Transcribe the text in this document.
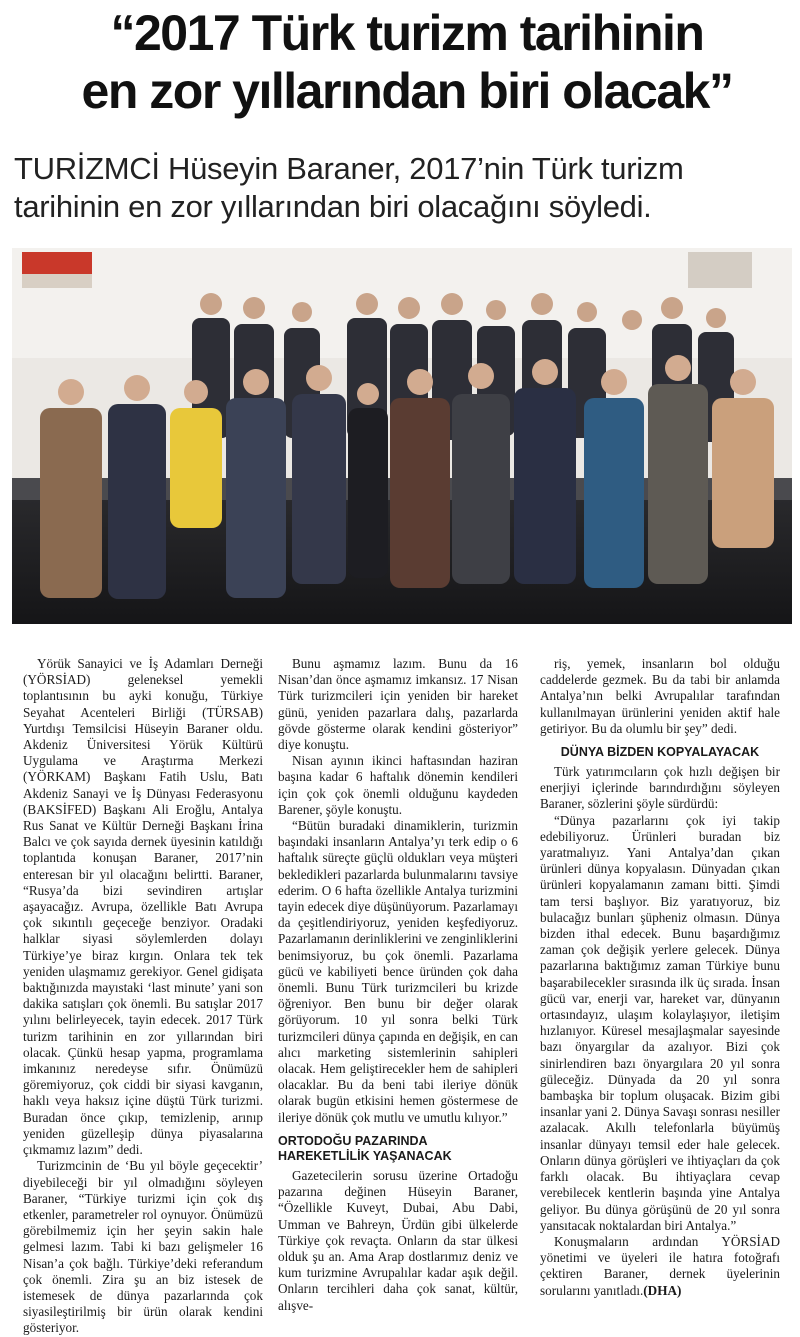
“2017 Türk turizm tarihinin
en zor yıllarından biri olacak”
TURİZMCİ Hüseyin Baraner, 2017’nin Türk turizm tarihinin en zor yıllarından biri olacağını söyledi.

Yörük Sanayici ve İş Adamları Derneği (YÖRSİAD) geleneksel yemekli toplantısının bu ayki konuğu, Türkiye Seyahat Acenteleri Birliği (TÜRSAB) Yurtdışı Temsilcisi Hüseyin Baraner oldu. Akdeniz Üniversitesi Yörük Kültürü Uygulama ve Araştırma Merkezi (YÖRKAM) Başkanı Fatih Uslu, Batı Akdeniz Sanayi ve İş Dünyası Federasyonu (BAKSİFED) Başkanı Ali Eroğlu, Antalya Rus Sanat ve Kültür Derneği Başkanı İrina Balcı ve çok sayıda dernek üyesinin katıldığı toplantıda konuşan Baraner, 2017’nin enteresan bir yıl olacağını belirtti. Baraner, “Rusya’da bizi sevindiren artışlar aşayacağız. Avrupa, özellikle Batı Avrupa çok sıkıntılı geçeceğe benziyor. Oradaki halklar siyasi söylemlerden dolayı Türkiye’ye biraz kırgın. Onlara tek tek yeniden ulaşmamız gerekiyor. Genel gidişata baktığınızda mayıstaki ‘last minute’ yani son dakika satışları çok önemli. Bu satışlar 2017 yılını belirleyecek, tayin edecek. 2017 Türk turizm tarihinin en zor yıllarından biri olacak. Çünkü hesap yapma, programlama imkanınız neredeyse sıfır. Önümüzü göremiyoruz, çok ciddi bir siyasi kavganın, haklı veya haksız içine düştü Türk turizmi. Buradan önce çıkıp, temizlenip, arınıp yeniden güzelleşip dünya piyasalarına çıkmamız lazım” dedi.

Turizmcinin de ‘Bu yıl böyle geçecektir’ diyebileceği bir yıl olmadığını söyleyen Baraner, “Türkiye turizmi için çok dış etkenler, parametreler rol oynuyor. Önümüzü görebilmemiz için her şeyin sakin hale gelmesi lazım. Tabi ki bazı gelişmeler 16 Nisan’a çok bağlı. Türkiye’deki referandum çok önemli. Zira şu an biz istesek de istemesek de dünya pazarlarında çok siyasileştirilmiş bir ürün olarak kendini gösteriyor.

Bunu aşmamız lazım. Bunu da 16 Nisan’dan önce aşmamız imkansız. 17 Nisan Türk turizmcileri için yeniden bir hareket günü, yeniden pazarlara dalış, pazarlarda gövde gösterme olarak kendini gösteriyor” diye konuştu.

Nisan ayının ikinci haftasından haziran başına kadar 6 haftalık dönemin kendileri için çok çok önemli olduğunu kaydeden Barener, şöyle konuştu.

“Bütün buradaki dinamiklerin, turizmin başındaki insanların Antalya’yı terk edip o 6 haftalık süreçte güçlü oldukları veya müşteri bekledikleri pazarlarda bulunmalarını tavsiye ederim. O 6 hafta özellikle Antalya turizmini tayin edecek diye düşünüyorum. Pazarlamayı da çeşitlendiriyoruz, yeniden keşfediyoruz. Pazarlamanın derinliklerini ve zenginliklerini benimsiyoruz, bu çok önemli. Pazarlama gücü ve kabiliyeti bence üründen çok daha önemli. Bunu Türk turizmcileri bu krizde öğreniyor. Ben bunu bir değer olarak görüyorum. 10 yıl sonra belki Türk turizmcileri dünya çapında en değişik, en can alıcı marketing sistemlerinin sahipleri olacak. Hem geliştirecekler hem de sahipleri olacaklar. Bu da beni tabi ileriye dönük olarak bugün etkisini hemen göstermese de ileriye dönük çok mutlu ve umutlu kılıyor.”

ORTODOĞU PAZARINDA HAREKETLİLİK YAŞANACAK

Gazetecilerin sorusu üzerine Ortadoğu pazarına değinen Hüseyin Baraner, “Özellikle Kuveyt, Dubai, Abu Dabi, Umman ve Bahreyn, Ürdün gibi ülkelerde Türkiye çok revaçta. Onların da star ülkesi olduk şu an. Ama Arap dostlarımız deniz ve kum turizmine Avrupalılar kadar aşık değil. Onların tercihleri daha çok sanat, kültür, alışve-

riş, yemek, insanların bol olduğu caddelerde gezmek. Bu da tabi bir anlamda Antalya’nın belki Avrupalılar tarafından kullanılmayan ürünlerini yeniden aktif hale getiriyor. Bu da olumlu bir şey” dedi.

DÜNYA BİZDEN KOPYALAYACAK

Türk yatırımcıların çok hızlı değişen bir enerjiyi içlerinde barındırdığını söyleyen Baraner, sözlerini şöyle sürdürdü:

“Dünya pazarlarını çok iyi takip edebiliyoruz. Ürünleri buradan biz yaratmalıyız. Yani Antalya’dan çıkan ürünleri dünya kopyalasın. Dünyadan çıkan ürünleri kopyalamanın zamanı bitti. Şimdi tam tersi başlıyor. Biz yaratıyoruz, biz bulacağız bunları şüpheniz olmasın. Dünya bizden ithal edecek. Bunu başardığımız zaman çok değişik yerlere gelecek. Dünya pazarlarına baktığımız zaman Türkiye bunu başarabilecekler sırasında ilk üç sırada. İnsan gücü var, enerji var, hareket var, dünyanın ortasındayız, ulaşım kolaylaşıyor, iletişim hızlanıyor. Küresel mesajlaşmalar sayesinde bazı önyargılar da azalıyor. Bizi çok sinirlendiren bazı önyargılara 20 yıl sonra güleceğiz. Dünyada da 20 yıl sonra bambaşka bir toplum oluşacak. Bizim gibi insanlar yani 2. Dünya Savaşı sonrası nesiller azalacak. Akıllı telefonlarla büyümüş insanlar dünyayı temsil eder hale gelecek. Onların dünya görüşleri ve ihtiyaçları da çok farklı olacak. Bu ihtiyaçlara cevap verebilecek kentlerin başında yine Antalya geliyor. Bu dünya görüşünü de 20 yıl sonra yansıtacak noktalardan biri Antalya.”

Konuşmaların ardından YÖRSİAD yönetimi ve üyeleri ile hatıra fotoğrafı çektiren Baraner, dernek üyelerinin sorularını yanıtladı.(DHA)
